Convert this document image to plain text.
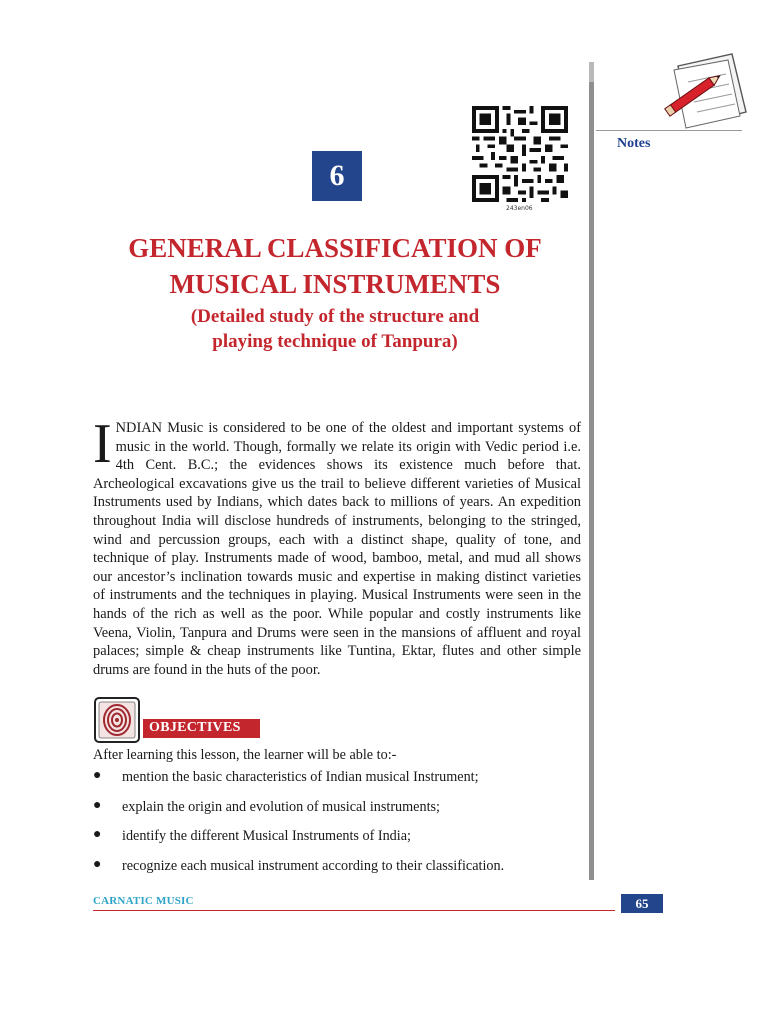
Notes
6
243en06
GENERAL CLASSIFICATION OF
MUSICAL INSTRUMENTS
(Detailed study of the structure and
playing technique of Tanpura)
INDIAN Music is considered to be one of the oldest and important systems of music in the world. Though, formally we relate its origin with Vedic period i.e. 4th Cent. B.C.; the evidences shows its existence much before that. Archeological excavations give us the trail to believe different varieties of Musical Instruments used by Indians, which dates back to millions of years. An expedition throughout India will disclose hundreds of instruments, belonging to the stringed, wind and percussion groups, each with a distinct shape, quality of tone, and technique of play. Instruments made of wood, bamboo, metal, and mud all shows our ancestor’s inclination towards music and expertise in making distinct varieties of instruments and the techniques in playing. Musical Instruments were seen in the hands of the rich as well as the poor. While popular and costly instruments like Veena, Violin, Tanpura and Drums were seen in the mansions of affluent and royal palaces; simple & cheap instruments like Tuntina, Ektar, flutes and other simple drums are found in the huts of the poor.
OBJECTIVES
After learning this lesson, the learner will be able to:-
● mention the basic characteristics of Indian musical Instrument;
● explain the origin and evolution of musical instruments;
● identify the different Musical Instruments of India;
● recognize each musical instrument according to their classification.
CARNATIC MUSIC	65
